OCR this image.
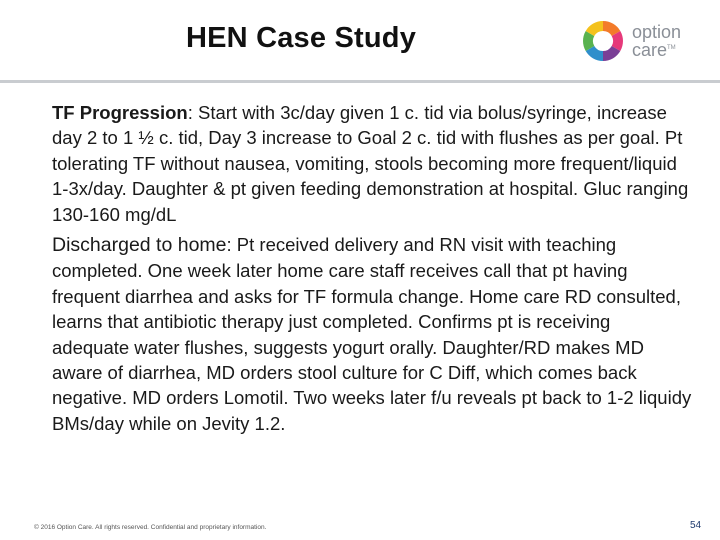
HEN Case Study	option
care™

TF Progression: Start with 3c/day given 1 c. tid via bolus/syringe, increase day 2 to 1 ½ c. tid, Day 3 increase to Goal 2 c. tid with flushes as per goal. Pt tolerating TF without nausea, vomiting, stools becoming more frequent/liquid 1-3x/day. Daughter & pt given feeding demonstration at hospital. Gluc ranging 130-160 mg/dL

Discharged to home: Pt received delivery and RN visit with teaching completed. One week later home care staff receives call that pt having frequent diarrhea and asks for TF formula change. Home care RD consulted, learns that antibiotic therapy just completed. Confirms pt is receiving adequate water flushes, suggests yogurt orally. Daughter/RD makes MD aware of diarrhea, MD orders stool culture for C Diff, which comes back negative. MD orders Lomotil. Two weeks later f/u reveals pt back to 1-2 liquidy BMs/day while on Jevity 1.2.

© 2016 Option Care. All rights reserved. Confidential and proprietary information.	54
